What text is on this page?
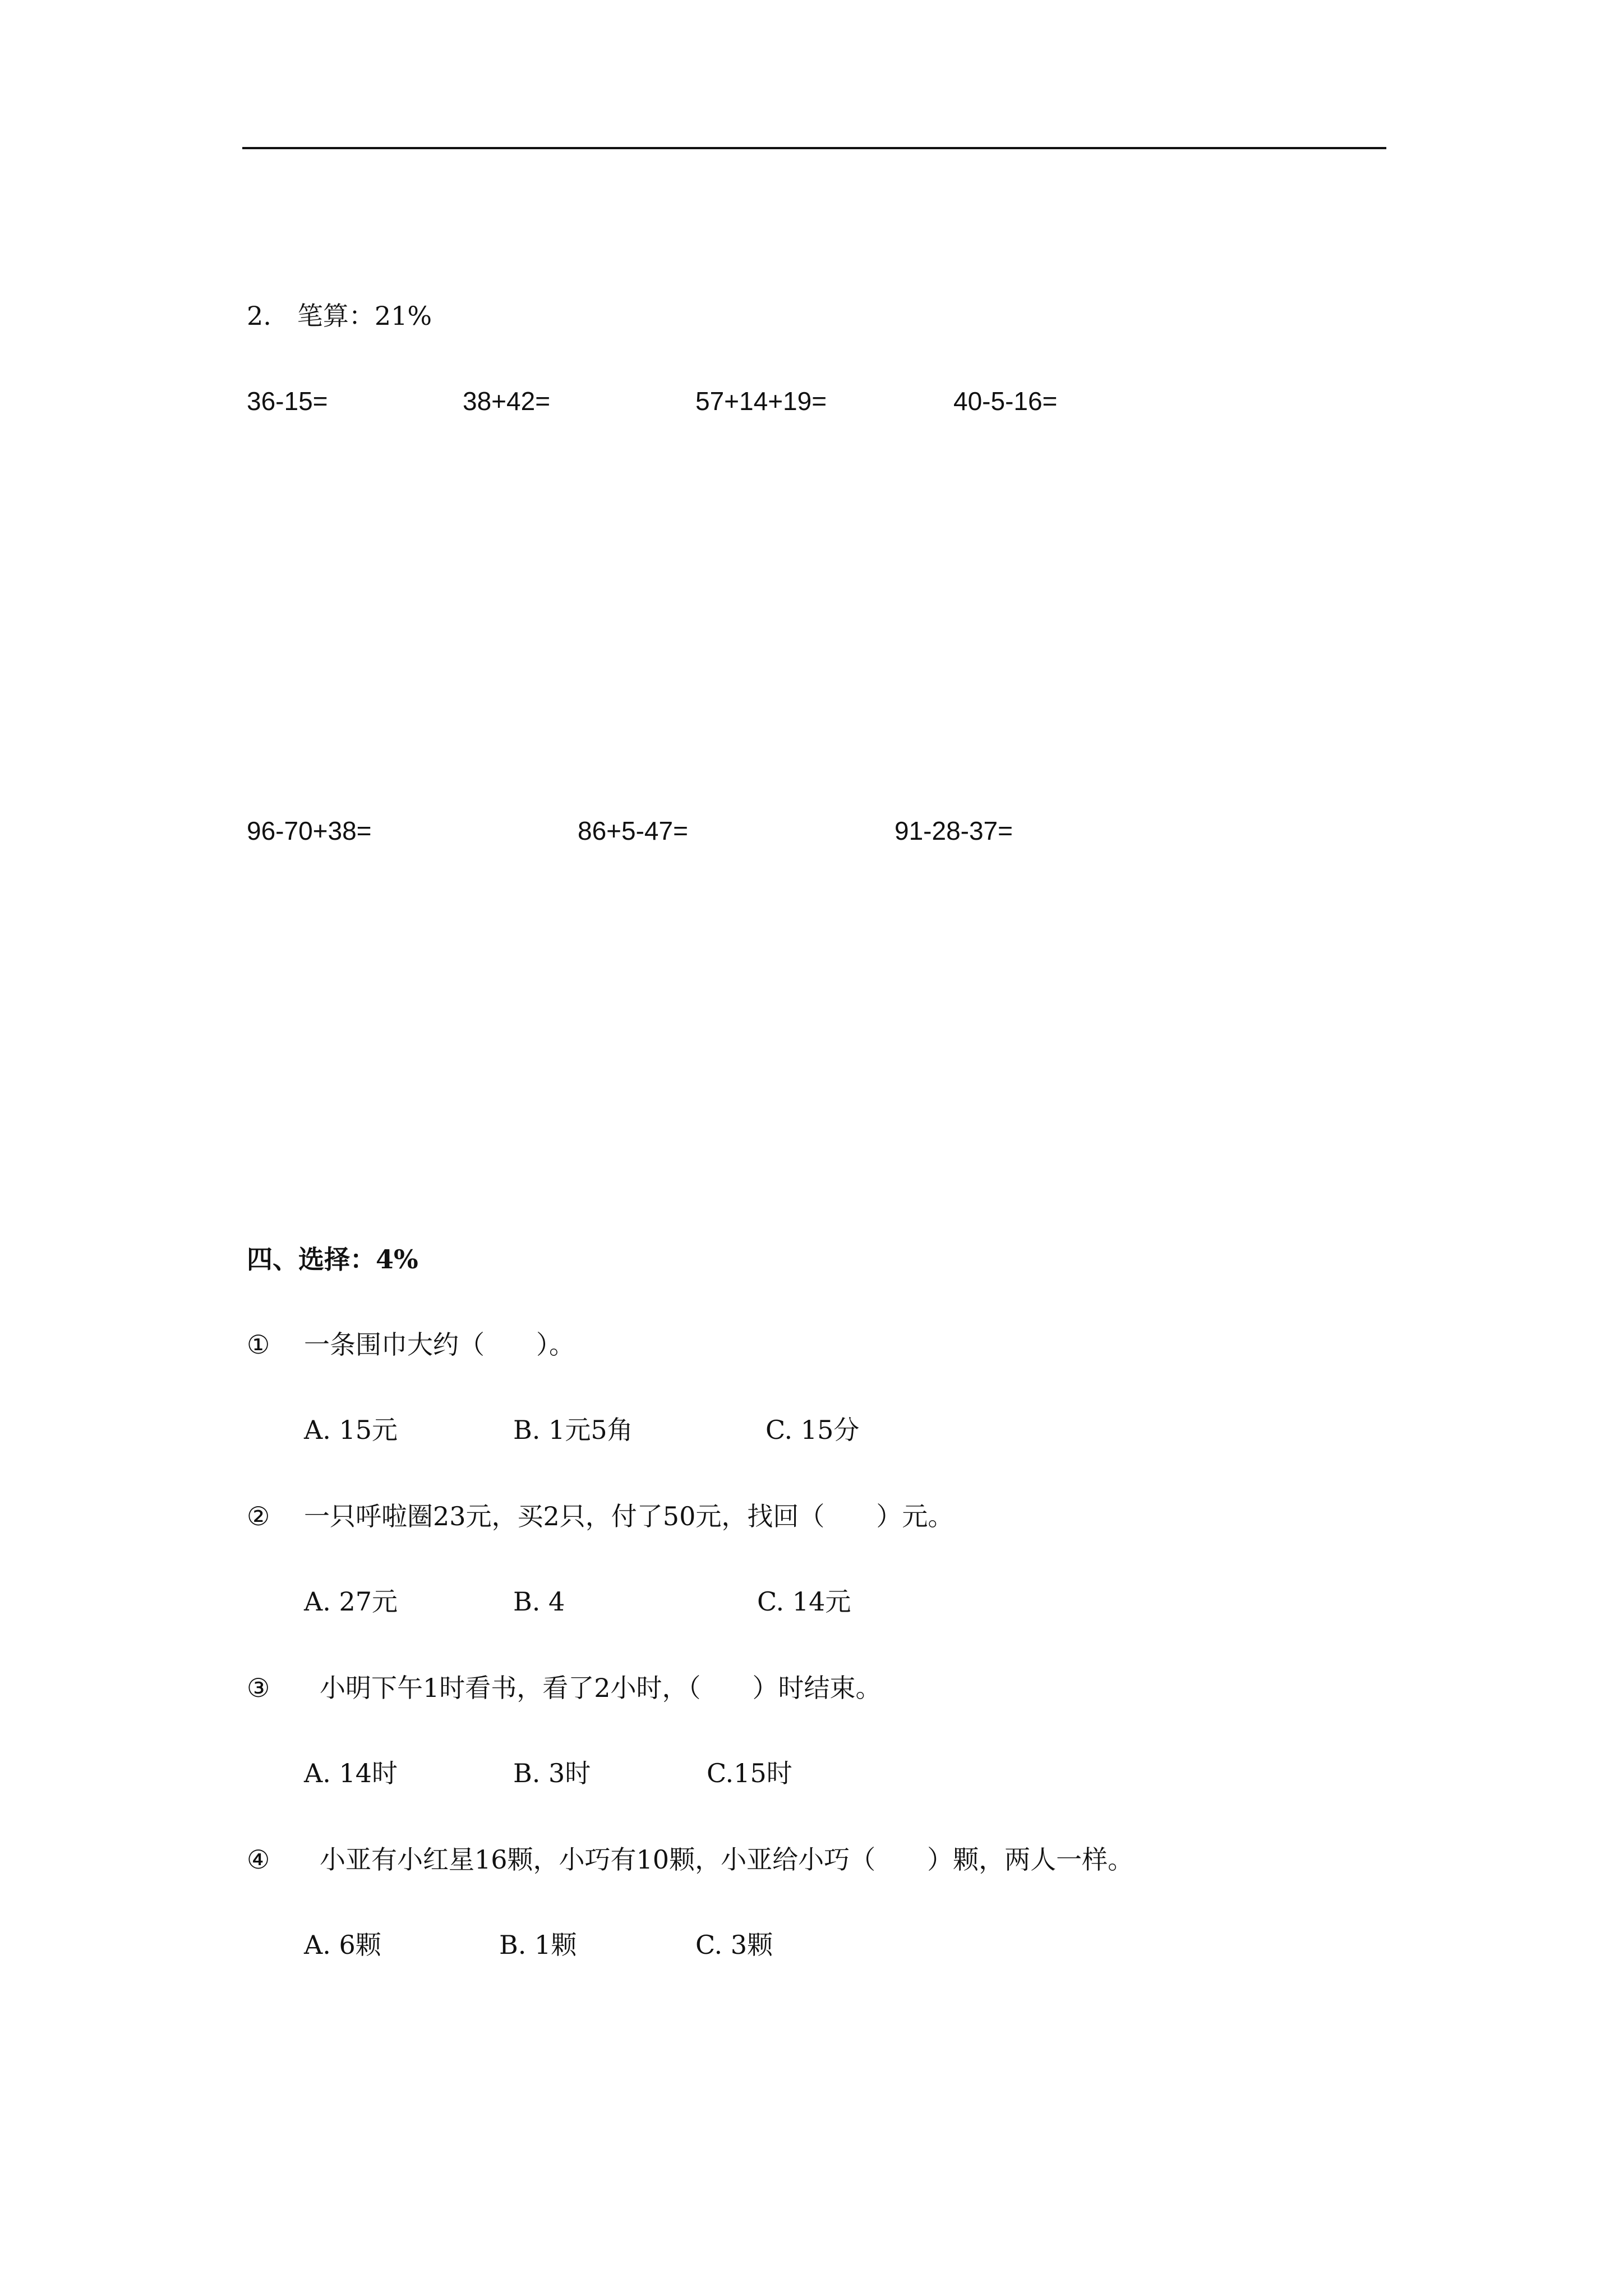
2.　笔算：21%
36-15=	38+42=	57+14+19=	40-5-16=
96-70+38=	86+5-47=	91-28-37=
四、选择：4%
① 一条围巾大约（　　）。
A. 15元	B. 1元5角	C. 15分
② 一只呼啦圈23元，买2只，付了50元，找回（　　）元。
A. 27元	B. 4	C. 14元
③ 小明下午1时看书，看了2小时，（　　）时结束。
A. 14时	B. 3时	C.15时
④ 小亚有小红星16颗，小巧有10颗，小亚给小巧（　　）颗，两人一样。
A. 6颗	B. 1颗	C. 3颗
